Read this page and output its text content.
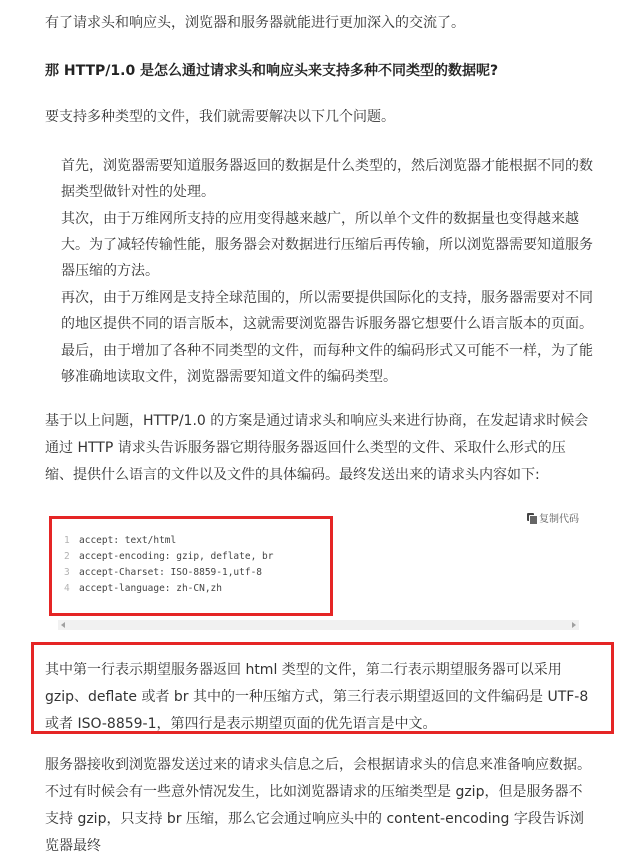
有了请求头和响应头，浏览器和服务器就能进行更加深入的交流了。

那 HTTP/1.0 是怎么通过请求头和响应头来支持多种不同类型的数据呢?

要支持多种类型的文件，我们就需要解决以下几个问题。

首先，浏览器需要知道服务器返回的数据是什么类型的，然后浏览器才能根据不同的数据类型做针对性的处理。

其次，由于万维网所支持的应用变得越来越广，所以单个文件的数据量也变得越来越大。为了减轻传输性能，服务器会对数据进行压缩后再传输，所以浏览器需要知道服务器压缩的方法。

再次，由于万维网是支持全球范围的，所以需要提供国际化的支持，服务器需要对不同的地区提供不同的语言版本，这就需要浏览器告诉服务器它想要什么语言版本的页面。

最后，由于增加了各种不同类型的文件，而每种文件的编码形式又可能不一样，为了能够准确地读取文件，浏览器需要知道文件的编码类型。

基于以上问题，HTTP/1.0 的方案是通过请求头和响应头来进行协商，在发起请求时候会通过 HTTP 请求头告诉服务器它期待服务器返回什么类型的文件、采取什么形式的压缩、提供什么语言的文件以及文件的具体编码。最终发送出来的请求头内容如下:

复制代码
1 accept: text/html
2 accept-encoding: gzip, deflate, br
3 accept-Charset: ISO-8859-1,utf-8
4 accept-language: zh-CN,zh

其中第一行表示期望服务器返回 html 类型的文件，第二行表示期望服务器可以采用 gzip、deflate 或者 br 其中的一种压缩方式，第三行表示期望返回的文件编码是 UTF-8 或者 ISO-8859-1，第四行是表示期望页面的优先语言是中文。

服务器接收到浏览器发送过来的请求头信息之后，会根据请求头的信息来准备响应数据。不过有时候会有一些意外情况发生，比如浏览器请求的压缩类型是 gzip，但是服务器不支持 gzip，只支持 br 压缩，那么它会通过响应头中的 content-encoding 字段告诉浏览器最终
